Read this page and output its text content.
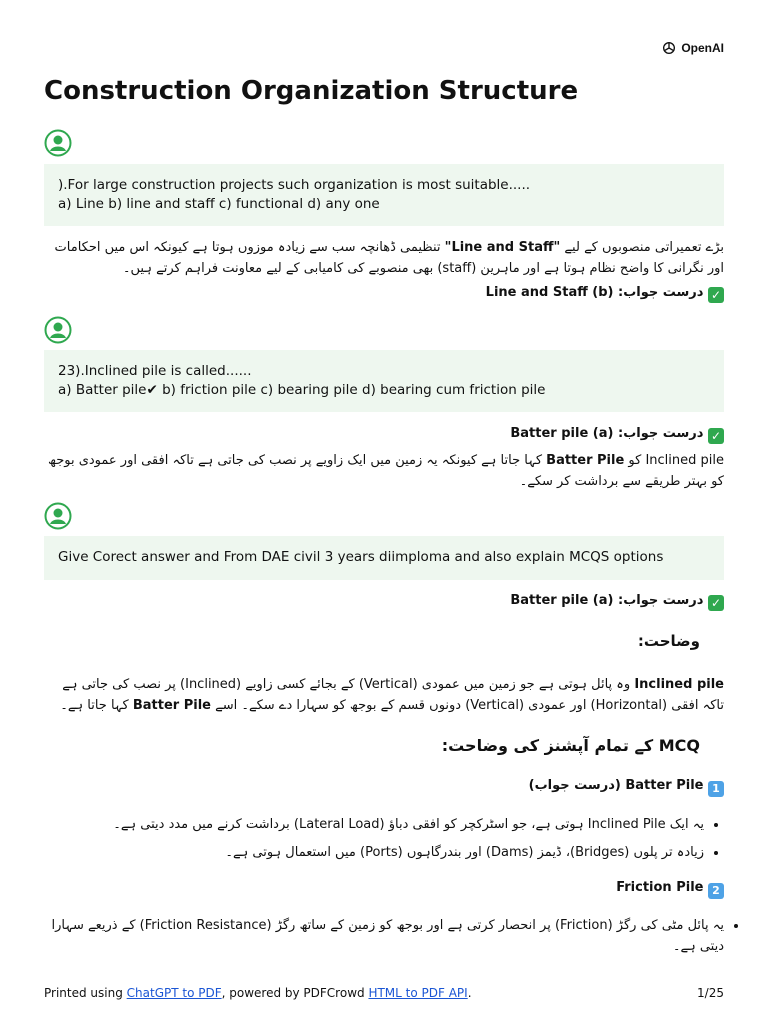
OpenAI
Construction Organization Structure
).For large construction projects such organization is most suitable.....
a) Line b) line and staff c) functional d) any one
بڑے تعمیراتی منصوبوں کے لیے "Line and Staff" تنظیمی ڈھانچہ سب سے زیادہ موزوں ہوتا ہے کیونکہ اس میں احکامات اور نگرانی کا واضح نظام ہوتا ہے اور ماہرین (staff) بھی منصوبے کی کامیابی کے لیے معاونت فراہم کرتے ہیں۔
✓ درست جواب: (b) Line and Staff
23).Inclined pile is called......
a) Batter pile✔ b) friction pile c) bearing pile d) bearing cum friction pile
✓ درست جواب: (a) Batter pile
Inclined pile کو Batter Pile کہا جاتا ہے کیونکہ یہ زمین میں ایک زاویے پر نصب کی جاتی ہے تاکہ افقی اور عمودی بوجھ کو بہتر طریقے سے برداشت کر سکے۔
Give Corect answer and From DAE civil 3 years diimploma and also explain MCQS options
✓ درست جواب: (a) Batter pile
وضاحت:
Inclined pile وہ پائل ہوتی ہے جو زمین میں عمودی (Vertical) کے بجائے کسی زاویے (Inclined) پر نصب کی جاتی ہے تاکہ افقی (Horizontal) اور عمودی (Vertical) دونوں قسم کے بوجھ کو سہارا دے سکے۔ اسے Batter Pile کہا جاتا ہے۔
MCQ کے تمام آپشنز کی وضاحت:
1 Batter Pile (درست جواب)
• یہ ایک Inclined Pile ہوتی ہے، جو اسٹرکچر کو افقی دباؤ (Lateral Load) برداشت کرنے میں مدد دیتی ہے۔
• زیادہ تر پلوں (Bridges)، ڈیمز (Dams) اور بندرگاہوں (Ports) میں استعمال ہوتی ہے۔
2 Friction Pile
• یہ پائل مٹی کی رگڑ (Friction) پر انحصار کرتی ہے اور بوجھ کو زمین کے ساتھ رگڑ (Friction Resistance) کے ذریعے سہارا دیتی ہے۔
Printed using ChatGPT to PDF, powered by PDFCrowd HTML to PDF API.	1/25
